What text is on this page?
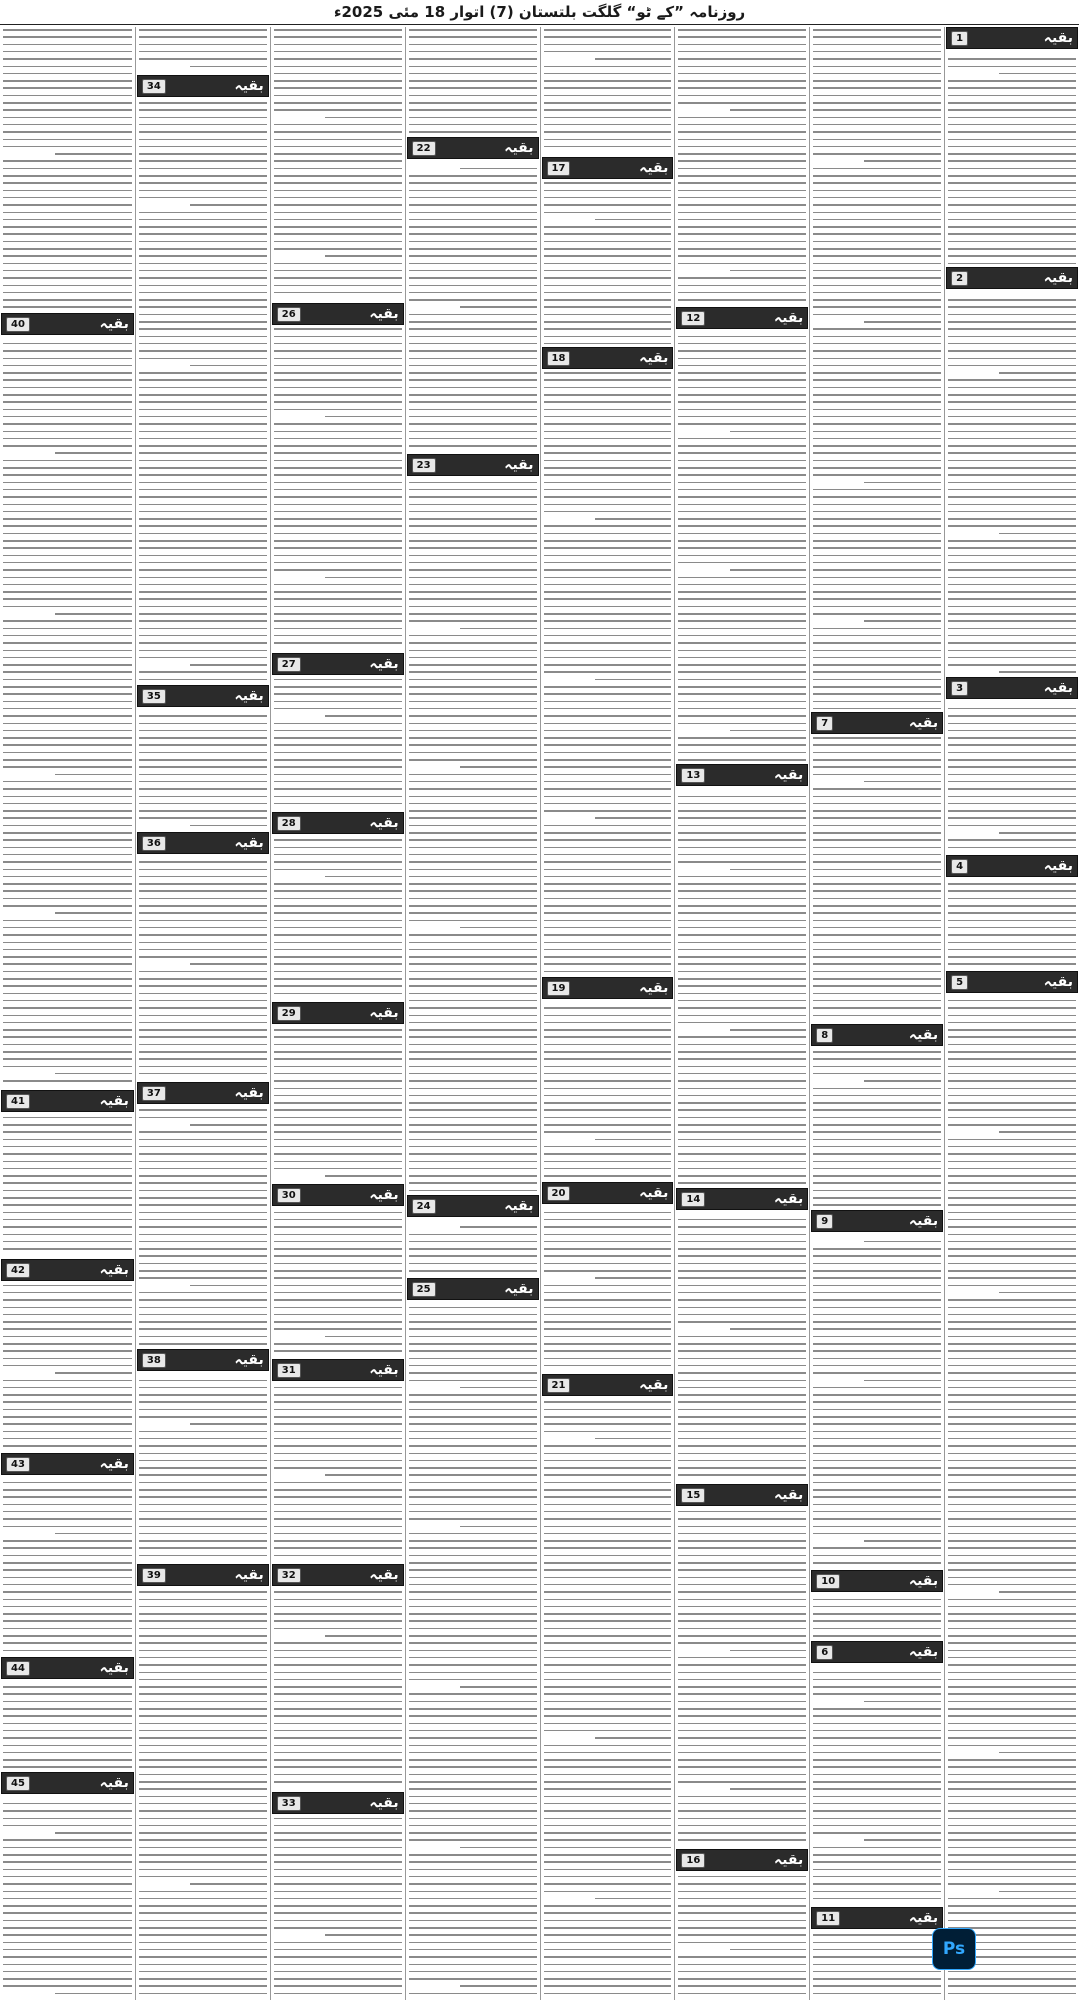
روزنامہ ”کے ٹو“ گلگت بلتستان (7) اتوار 18 مئی 2025ء
1	بقیہ
2	بقیہ
3	بقیہ
4	بقیہ
5	بقیہ
7	بقیہ
8	بقیہ
9	بقیہ
10	بقیہ
6	بقیہ
11	بقیہ
12	بقیہ
13	بقیہ
14	بقیہ
15	بقیہ
16	بقیہ
17	بقیہ
18	بقیہ
19	بقیہ
20	بقیہ
21	بقیہ
22	بقیہ
23	بقیہ
24	بقیہ
25	بقیہ
26	بقیہ
27	بقیہ
28	بقیہ
29	بقیہ
30	بقیہ
31	بقیہ
32	بقیہ
33	بقیہ
34	بقیہ
35	بقیہ
36	بقیہ
37	بقیہ
38	بقیہ
39	بقیہ
40	بقیہ
41	بقیہ
42	بقیہ
43	بقیہ
44	بقیہ
45	بقیہ
Ps
